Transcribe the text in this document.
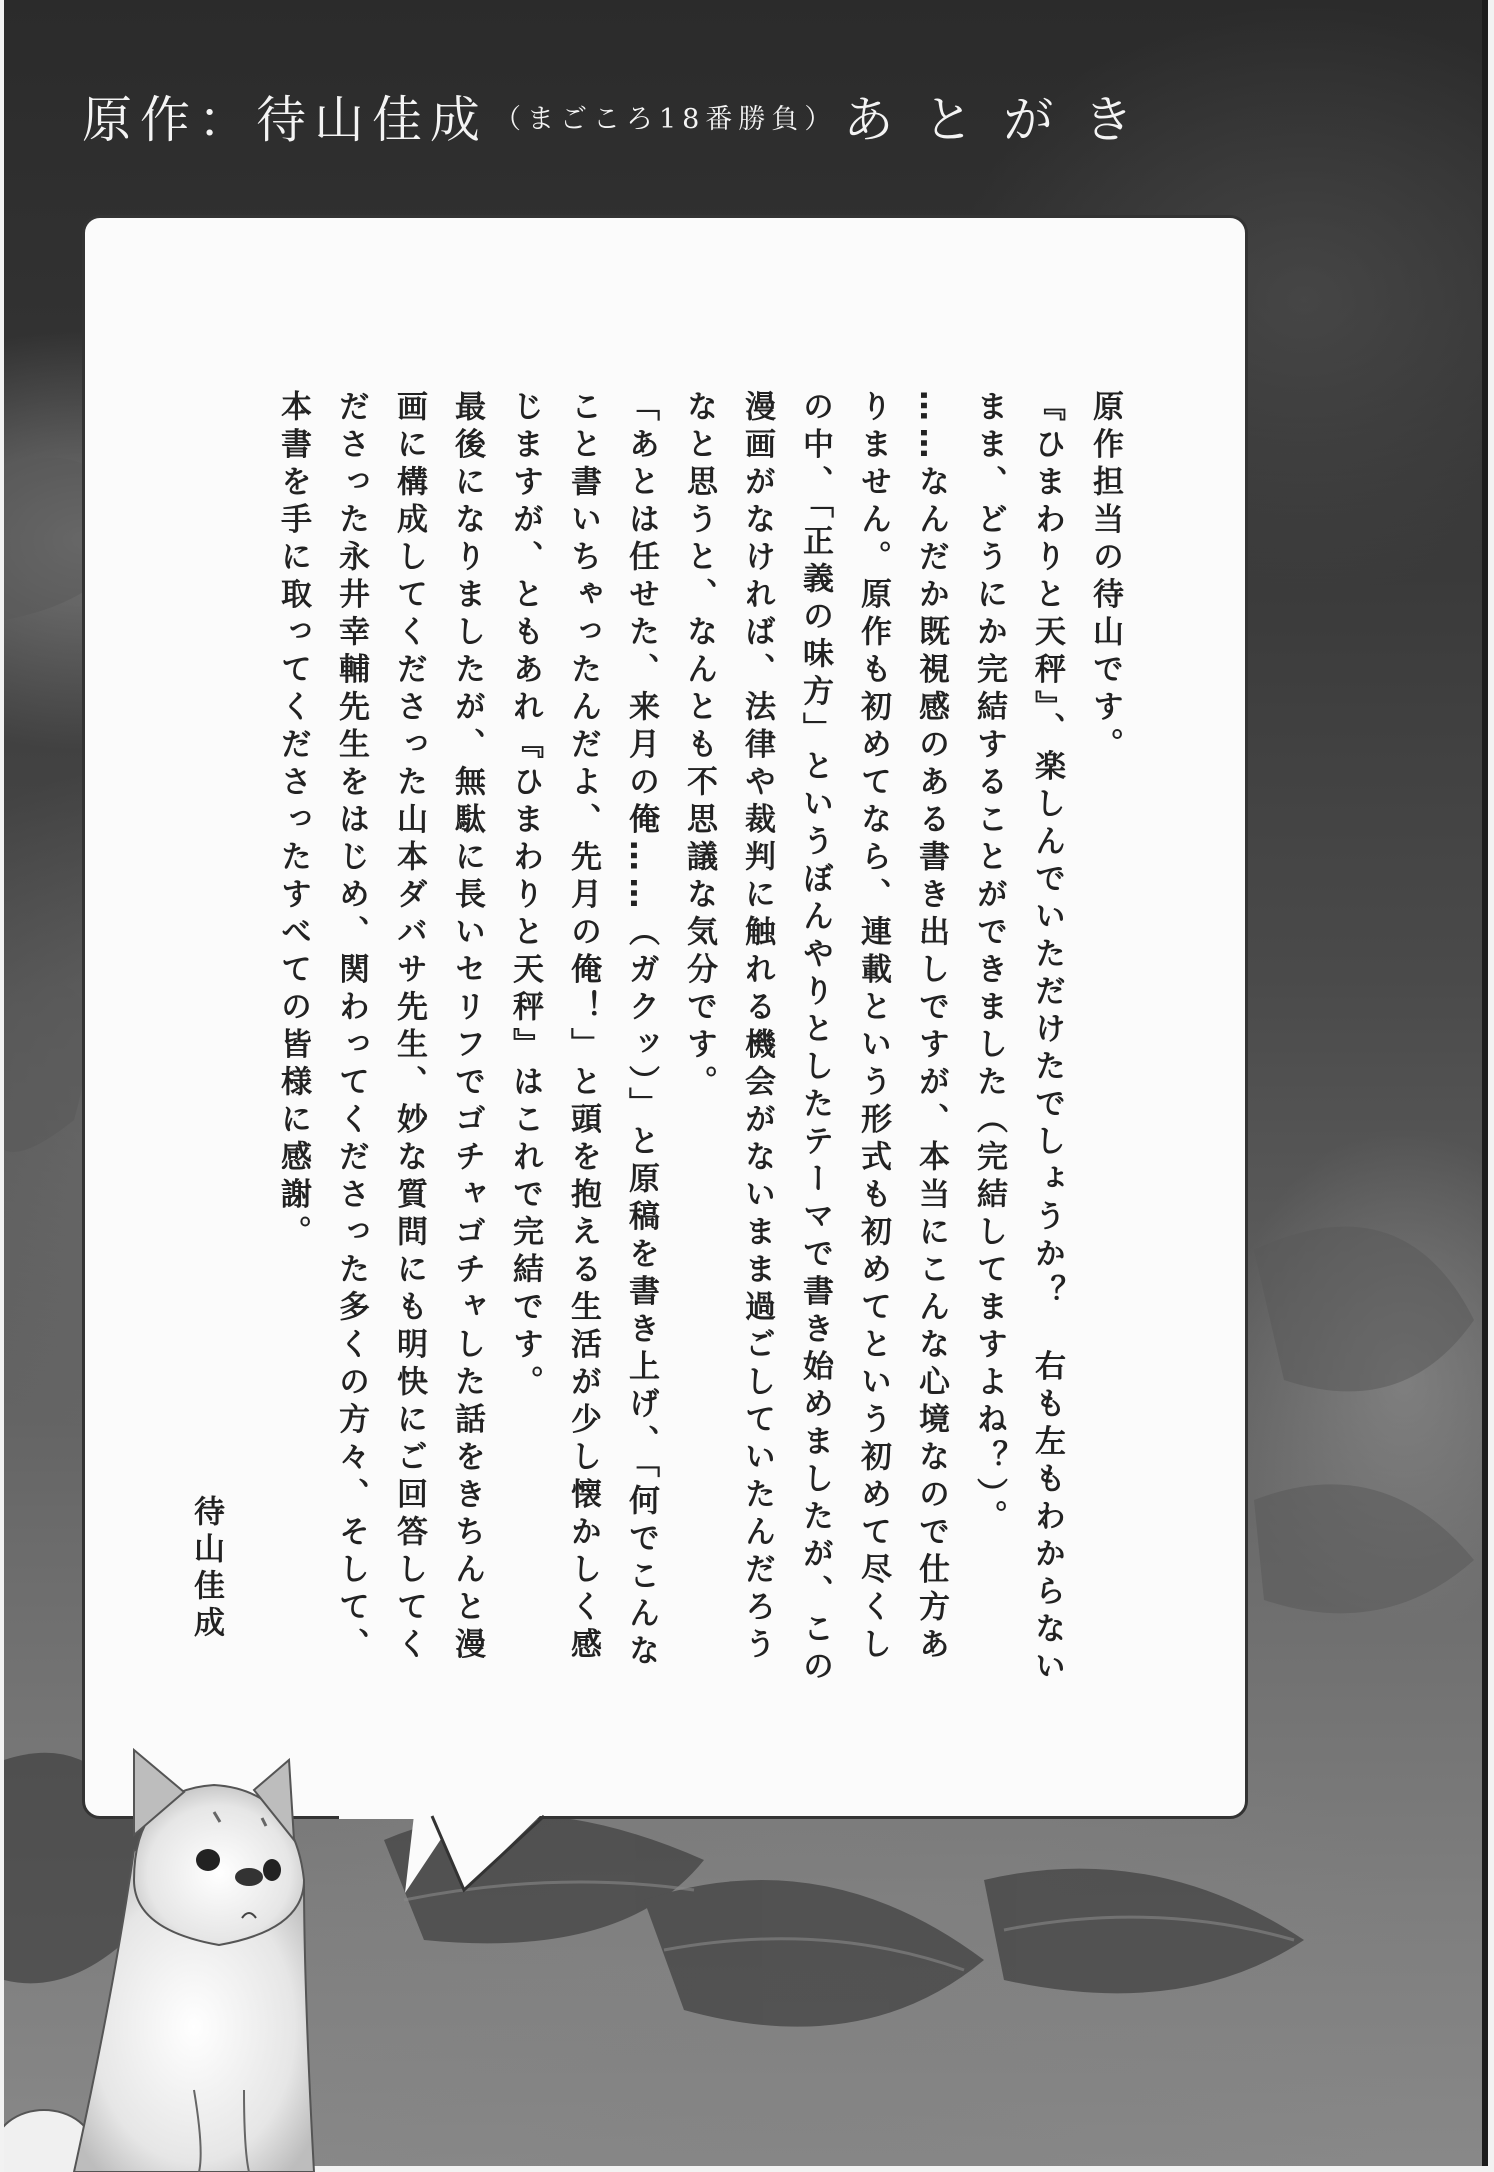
原作：待山佳成 （まごころ18番勝負） あとがき

原作担当の待山です。

『ひまわりと天秤』、楽しんでいただけたでしょうか？　右も左もわからないまま、どうにか完結することができました（完結してますよね？）。

……なんだか既視感のある書き出しですが、本当にこんな心境なので仕方ありません。原作も初めてなら、連載という形式も初めてという初めて尽くしの中、「正義の味方」というぼんやりとしたテーマで書き始めましたが、この漫画がなければ、法律や裁判に触れる機会がないまま過ごしていたんだろうなと思うと、なんとも不思議な気分です。

「あとは任せた、来月の俺……（ガクッ）」と原稿を書き上げ、「何でこんなこと書いちゃったんだよ、先月の俺！」と頭を抱える生活が少し懐かしく感じますが、ともあれ『ひまわりと天秤』はこれで完結です。

最後になりましたが、無駄に長いセリフでゴチャゴチャした話をきちんと漫画に構成してくださった山本ダバサ先生、妙な質問にも明快にご回答してくださった永井幸輔先生をはじめ、関わってくださった多くの方々、そして、本書を手に取ってくださったすべての皆様に感謝。

待山佳成
